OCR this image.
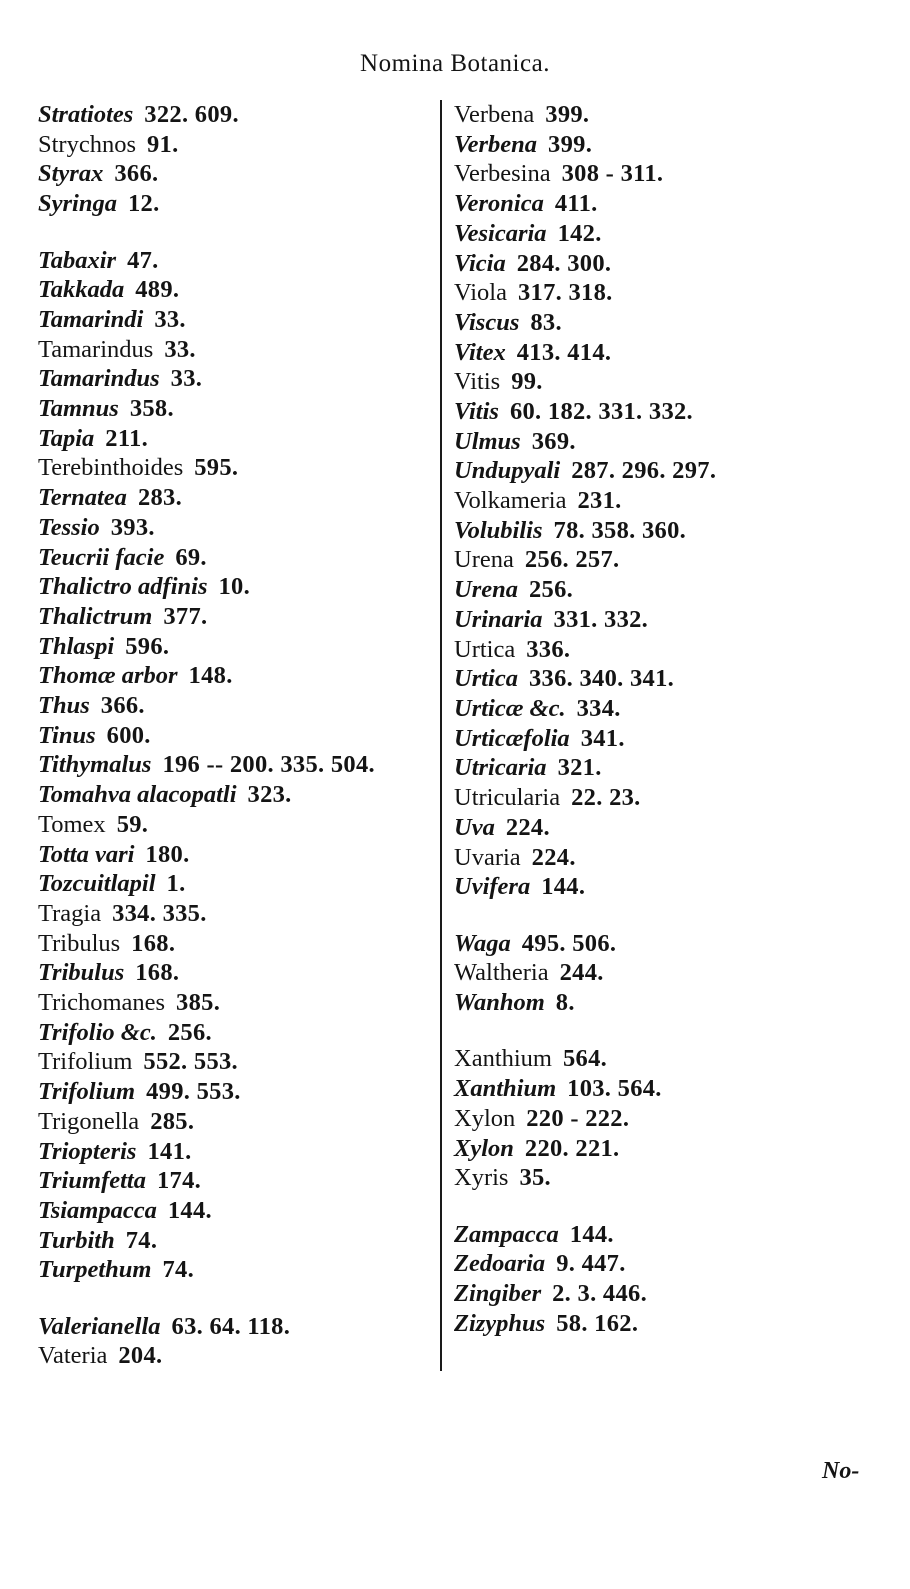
Nomina Botanica.
Stratiotes 322. 609.
Strychnos 91.
Styrax 366.
Syringa 12.
Tabaxir 47.
Takkada 489.
Tamarindi 33.
Tamarindus 33.
Tamarindus 33.
Tamnus 358.
Tapia 211.
Terebinthoides 595.
Ternatea 283.
Tessio 393.
Teucrii facie 69.
Thalictro adfinis 10.
Thalictrum 377.
Thlaspi 596.
Thomæ arbor 148.
Thus 366.
Tinus 600.
Tithymalus 196 -- 200. 335. 504.
Tomahva alacopatli 323.
Tomex 59.
Totta vari 180.
Tozcuitlapil 1.
Tragia 334. 335.
Tribulus 168.
Tribulus 168.
Trichomanes 385.
Trifolio &c. 256.
Trifolium 552. 553.
Trifolium 499. 553.
Trigonella 285.
Triopteris 141.
Triumfetta 174.
Tsiampacca 144.
Turbith 74.
Turpethum 74.
Valerianella 63. 64. 118.
Vateria 204.
Verbena 399.
Verbena 399.
Verbesina 308 - 311.
Veronica 411.
Vesicaria 142.
Vicia 284. 300.
Viola 317. 318.
Viscus 83.
Vitex 413. 414.
Vitis 99.
Vitis 60. 182. 331. 332.
Ulmus 369.
Undupyali 287. 296. 297.
Volkameria 231.
Volubilis 78. 358. 360.
Urena 256. 257.
Urena 256.
Urinaria 331. 332.
Urtica 336.
Urtica 336. 340. 341.
Urticæ &c. 334.
Urticæfolia 341.
Utricaria 321.
Utricularia 22. 23.
Uva 224.
Uvaria 224.
Uvifera 144.
Waga 495. 506.
Waltheria 244.
Wanhom 8.
Xanthium 564.
Xanthium 103. 564.
Xylon 220 - 222.
Xylon 220. 221.
Xyris 35.
Zampacca 144.
Zedoaria 9. 447.
Zingiber 2. 3. 446.
Zizyphus 58. 162.
No-
